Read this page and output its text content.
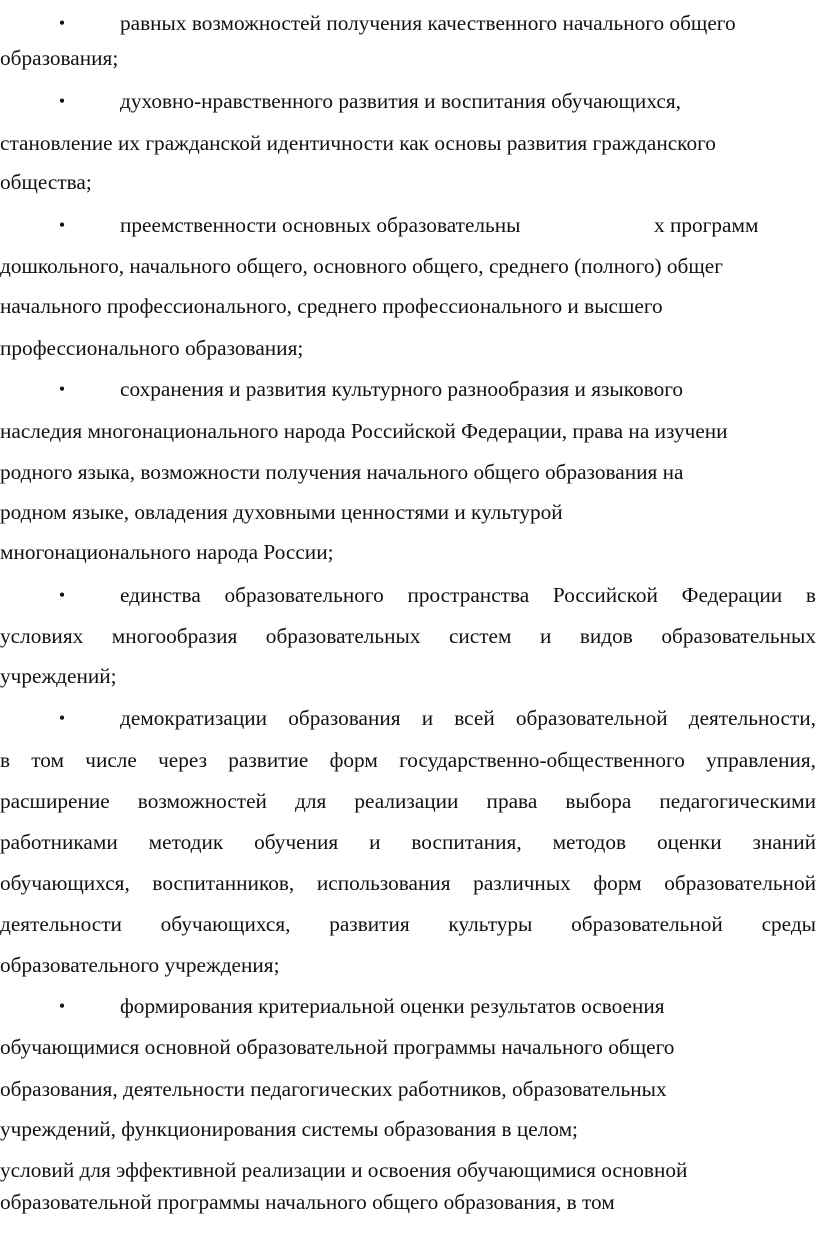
•	равных возможностей получения качественного начального общего
образования;
•	духовно-нравственного развития и воспитания обучающихся,
становление их гражданской идентичности как основы развития гражданского
общества;
•	преемственности основных образовательны	х программ
дошкольного, начального общего, основного общего, среднего (полного) общег
начального профессионального, среднего профессионального и высшего
профессионального образования;
•	сохранения и развития культурного разнообразия и языкового
наследия многонационального народа Российской Федерации, права на изучени
родного языка, возможности получения начального общего образования на
родном языке, овладения духовными ценностями и культурой
многонационального народа России;
•	единства образовательного пространства Российской Федерации в
условиях многообразия образовательных систем и видов образовательных
учреждений;
•	демократизации образования и всей образовательной деятельности,
в том числе через развитие форм государственно-общественного управления,
расширение возможностей для реализации права выбора педагогическими
работниками методик обучения и воспитания, методов оценки знаний
обучающихся, воспитанников, использования различных форм образовательной
деятельности обучающихся, развития культуры образовательной среды
образовательного учреждения;
•	формирования критериальной оценки результатов освоения
обучающимися основной образовательной программы начального общего
образования, деятельности педагогических работников, образовательных
учреждений, функционирования системы образования в целом;
условий для эффективной реализации и освоения обучающимися основной
образовательной программы начального общего образования, в том
